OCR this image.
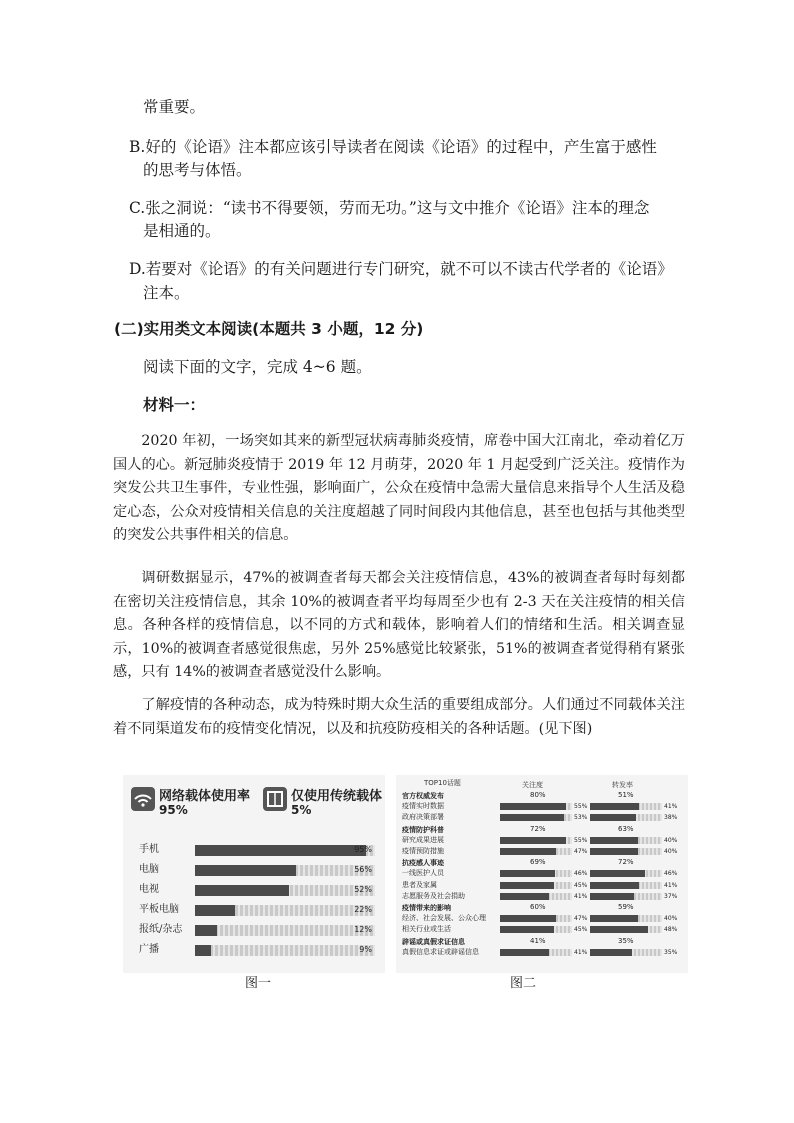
常重要。
B.好的《论语》注本都应该引导读者在阅读《论语》的过程中，产生富于感性
的思考与体悟。
C.张之洞说：“读书不得要领，劳而无功。”这与文中推介《论语》注本的理念
是相通的。
D.若要对《论语》的有关问题进行专门研究，就不可以不读古代学者的《论语》
注本。
(二)实用类文本阅读(本题共 3 小题，12 分)
阅读下面的文字，完成 4~6 题。
材料一：
2020 年初，一场突如其来的新型冠状病毒肺炎疫情，席卷中国大江南北，牵动着亿万国人的心。新冠肺炎疫情于 2019 年 12 月萌芽，2020 年 1 月起受到广泛关注。疫情作为突发公共卫生事件，专业性强，影响面广，公众在疫情中急需大量信息来指导个人生活及稳定心态，公众对疫情相关信息的关注度超越了同时间段内其他信息，甚至也包括与其他类型的突发公共事件相关的信息。
调研数据显示，47%的被调查者每天都会关注疫情信息，43%的被调查者每时每刻都在密切关注疫情信息，其余 10%的被调查者平均每周至少也有 2-3 天在关注疫情的相关信息。各种各样的疫情信息，以不同的方式和载体，影响着人们的情绪和生活。相关调查显示，10%的被调查者感觉很焦虑，另外 25%感觉比较紧张，51%的被调查者觉得稍有紧张感，只有 14%的被调查者感觉没什么影响。
了解疫情的各种动态，成为特殊时期大众生活的重要组成部分。人们通过不同载体关注着不同渠道发布的疫情变化情况，以及和抗疫防疫相关的各种话题。(见下图)
网络载体使用率
95%
仅使用传统载体
5%
手机	95%
电脑	56%
电视	52%
平板电脑	22%
报纸/杂志	12%
广播	9%
图一
TOP10话题	关注度	转发率
官方权威发布	80%	51%
疫情实时数据	55%	41%
政府决策部署	53%	38%
疫情防护科普	72%	63%
研究成果进展	55%	40%
疫情预防措施	47%	40%
抗疫感人事迹	69%	72%
一线医护人员	46%	46%
患者及家属	45%	41%
志愿服务及社会捐助	41%	37%
疫情带来的影响	60%	59%
经济、社会发展、公众心理	47%	40%
相关行业或生活	45%	48%
辟谣或真假求证信息	41%	35%
真假信息求证或辟谣信息	41%	35%
图二
